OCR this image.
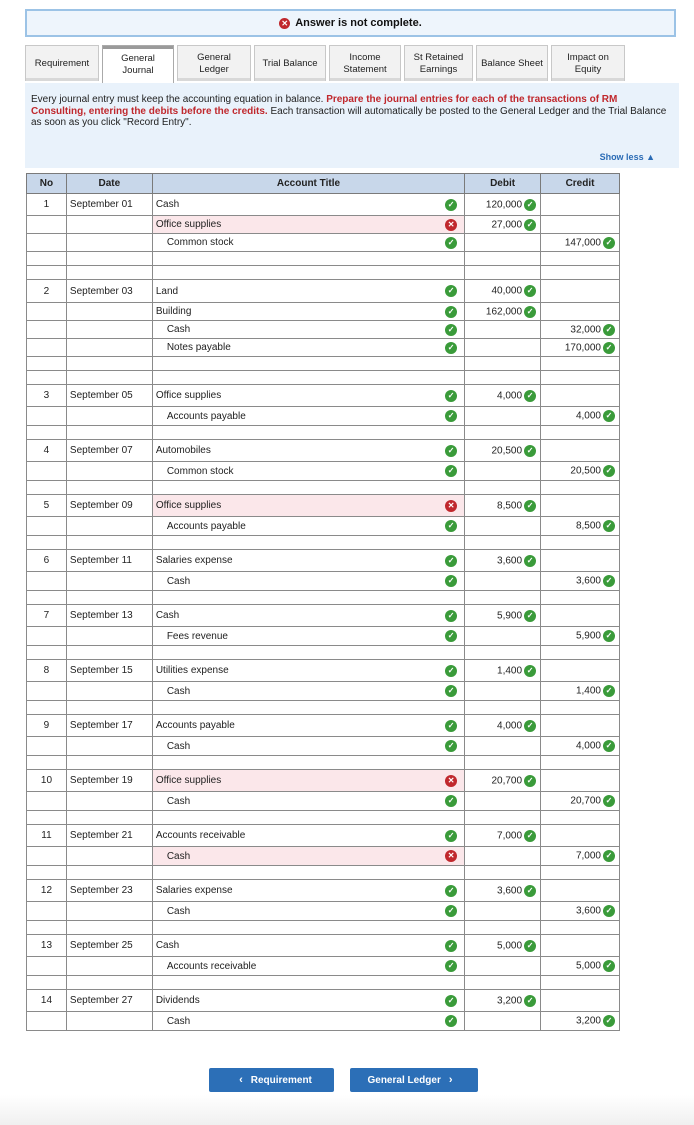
✕ Answer is not complete.
Requirement	General Journal
General Ledger
Trial Balance
Income Statement
St Retained Earnings
Balance Sheet
Impact on Equity
Every journal entry must keep the accounting equation in balance. Prepare the journal entries for each of the transactions of RM Consulting, entering the debits before the credits. Each transaction will automatically be posted to the General Ledger and the Trial Balance as soon as you click "Record Entry".
Show less ▲
No	Date	Account Title	Debit	Credit
1	September 01	Cash ✓	120,000 ✓	
		Office supplies ✕	27,000 ✓	
		Common stock ✓		147,000 ✓

2	September 03	Land ✓	40,000 ✓	
		Building ✓	162,000 ✓	
		Cash ✓		32,000 ✓
		Notes payable ✓		170,000 ✓

3	September 05	Office supplies ✓	4,000 ✓	
		Accounts payable ✓		4,000 ✓

4	September 07	Automobiles ✓	20,500 ✓	
		Common stock ✓		20,500 ✓

5	September 09	Office supplies ✕	8,500 ✓	
		Accounts payable ✓		8,500 ✓

6	September 11	Salaries expense ✓	3,600 ✓	
		Cash ✓		3,600 ✓

7	September 13	Cash ✓	5,900 ✓	
		Fees revenue ✓		5,900 ✓

8	September 15	Utilities expense ✓	1,400 ✓	
		Cash ✓		1,400 ✓

9	September 17	Accounts payable ✓	4,000 ✓	
		Cash ✓		4,000 ✓

10	September 19	Office supplies ✕	20,700 ✓	
		Cash ✓		20,700 ✓

11	September 21	Accounts receivable ✓	7,000 ✓	
		Cash ✕		7,000 ✓

12	September 23	Salaries expense ✓	3,600 ✓	
		Cash ✓		3,600 ✓

13	September 25	Cash ✓	5,000 ✓	
		Accounts receivable ✓		5,000 ✓

14	September 27	Dividends ✓	3,200 ✓	
		Cash ✓		3,200 ✓
‹ Requirement	General Ledger ›
